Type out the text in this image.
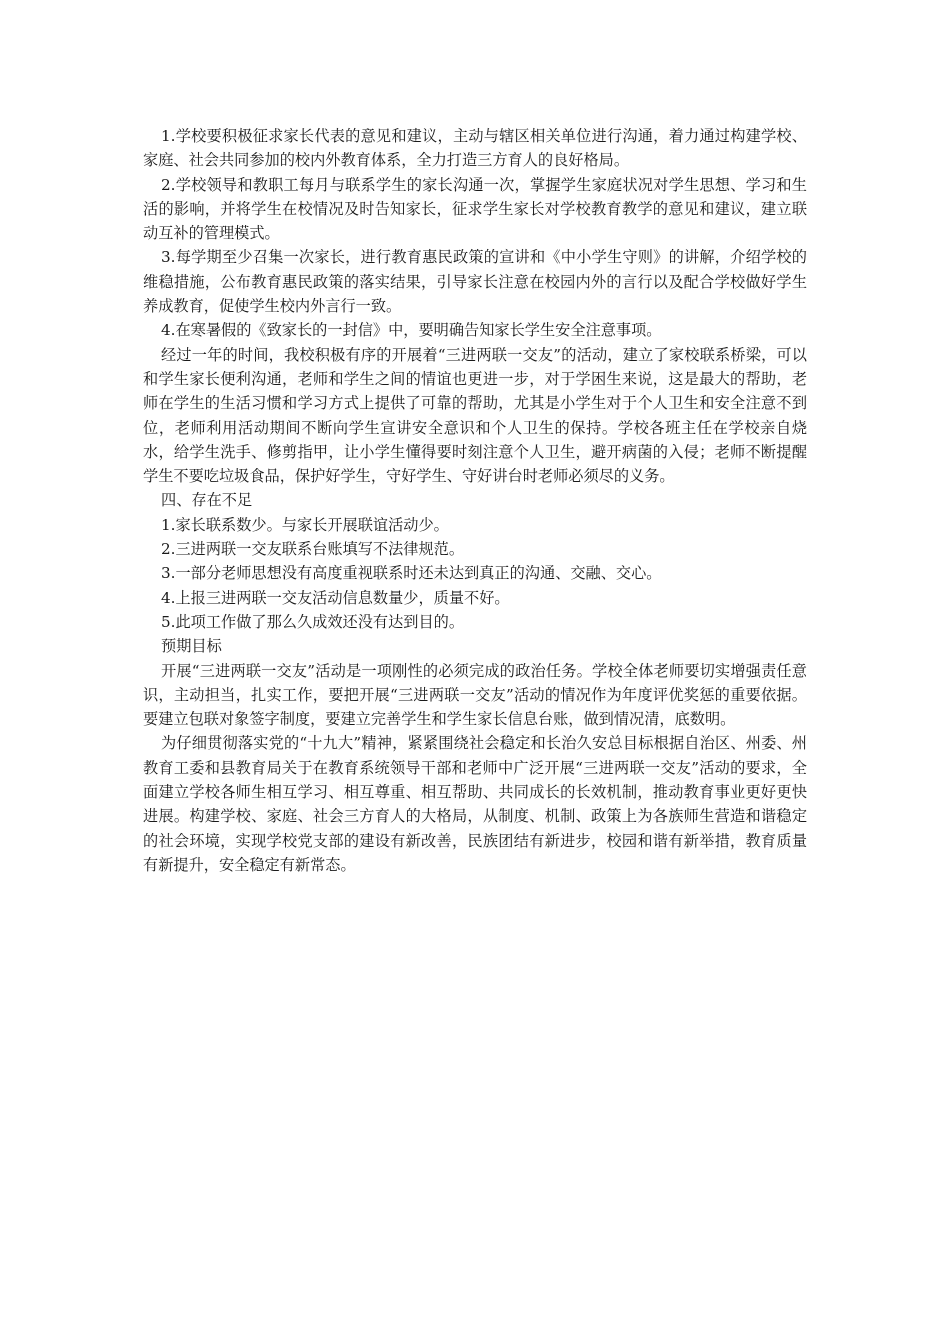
1.学校要积极征求家长代表的意见和建议，主动与辖区相关单位进行沟通，着力通过构建学校、家庭、社会共同参加的校内外教育体系，全力打造三方育人的良好格局。

2.学校领导和教职工每月与联系学生的家长沟通一次，掌握学生家庭状况对学生思想、学习和生活的影响，并将学生在校情况及时告知家长，征求学生家长对学校教育教学的意见和建议，建立联动互补的管理模式。

3.每学期至少召集一次家长，进行教育惠民政策的宣讲和《中小学生守则》的讲解，介绍学校的维稳措施，公布教育惠民政策的落实结果，引导家长注意在校园内外的言行以及配合学校做好学生养成教育，促使学生校内外言行一致。

4.在寒暑假的《致家长的一封信》中，要明确告知家长学生安全注意事项。

经过一年的时间，我校积极有序的开展着“三进两联一交友”的活动，建立了家校联系桥梁，可以和学生家长便利沟通，老师和学生之间的情谊也更进一步，对于学困生来说，这是最大的帮助，老师在学生的生活习惯和学习方式上提供了可靠的帮助，尤其是小学生对于个人卫生和安全注意不到位，老师利用活动期间不断向学生宣讲安全意识和个人卫生的保持。学校各班主任在学校亲自烧水，给学生洗手、修剪指甲，让小学生懂得要时刻注意个人卫生，避开病菌的入侵；老师不断提醒学生不要吃垃圾食品，保护好学生，守好学生、守好讲台时老师必须尽的义务。

四、存在不足

1.家长联系数少。与家长开展联谊活动少。

2.三进两联一交友联系台账填写不法律规范。

3.一部分老师思想没有高度重视联系时还未达到真正的沟通、交融、交心。

4.上报三进两联一交友活动信息数量少，质量不好。

5.此项工作做了那么久成效还没有达到目的。

预期目标

开展“三进两联一交友”活动是一项刚性的必须完成的政治任务。学校全体老师要切实增强责任意识，主动担当，扎实工作，要把开展“三进两联一交友”活动的情况作为年度评优奖惩的重要依据。要建立包联对象签字制度，要建立完善学生和学生家长信息台账，做到情况清，底数明。

为仔细贯彻落实党的“十九大”精神，紧紧围绕社会稳定和长治久安总目标根据自治区、州委、州教育工委和县教育局关于在教育系统领导干部和老师中广泛开展“三进两联一交友”活动的要求，全面建立学校各师生相互学习、相互尊重、相互帮助、共同成长的长效机制，推动教育事业更好更快进展。构建学校、家庭、社会三方育人的大格局，从制度、机制、政策上为各族师生营造和谐稳定的社会环境，实现学校党支部的建设有新改善，民族团结有新进步，校园和谐有新举措，教育质量有新提升，安全稳定有新常态。
